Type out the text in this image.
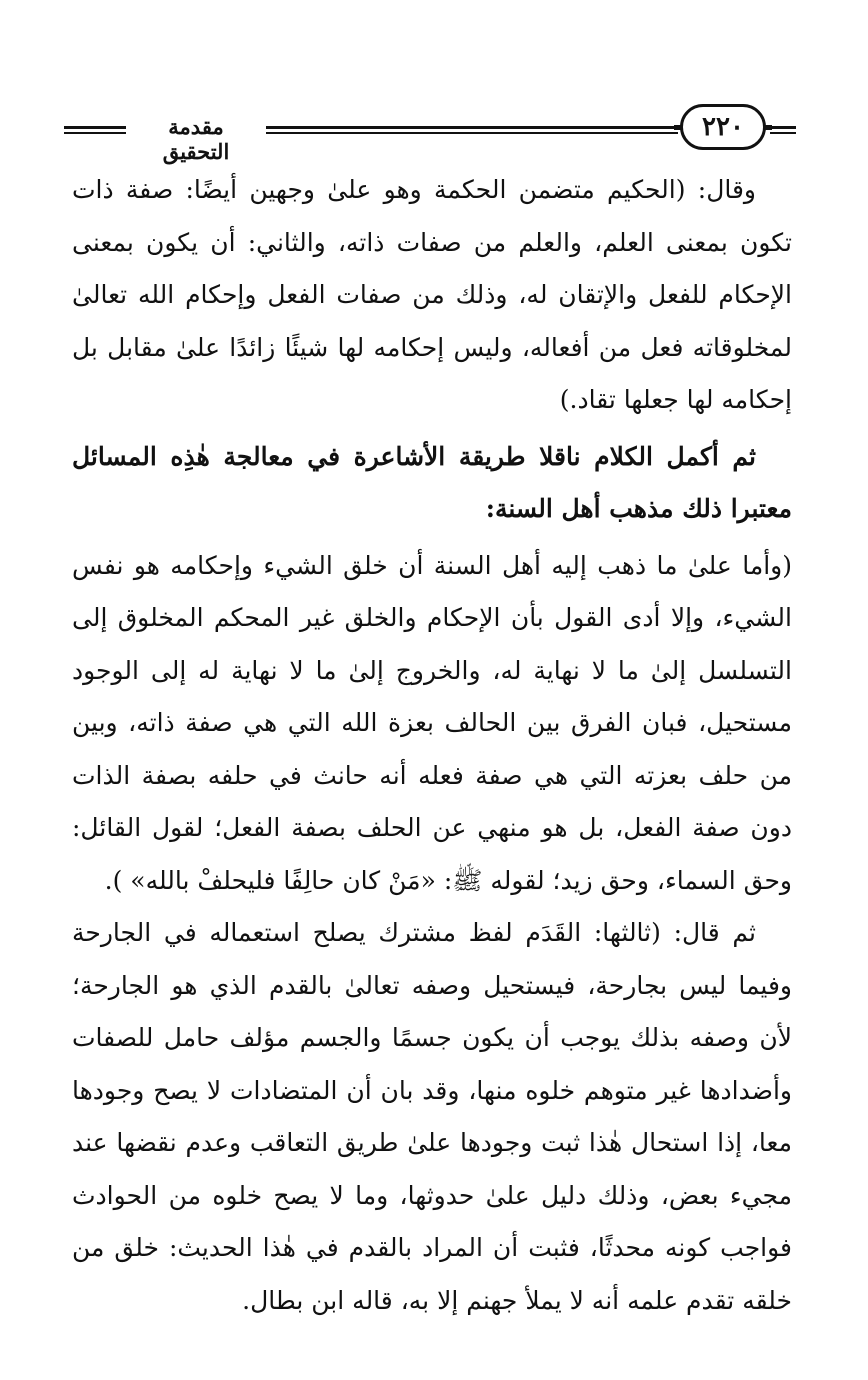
مقدمة التحقيق
٢٢٠

وقال: (الحكيم متضمن الحكمة وهو علىٰ وجهين أيضًا: صفة ذات تكون بمعنى العلم، والعلم من صفات ذاته، والثاني: أن يكون بمعنى الإحكام للفعل والإتقان له، وذلك من صفات الفعل وإحكام الله تعالىٰ لمخلوقاته فعل من أفعاله، وليس إحكامه لها شيئًا زائدًا علىٰ مقابل بل إحكامه لها جعلها تقاد.)

ثم أكمل الكلام ناقلا طريقة الأشاعرة في معالجة هٰذِه المسائل معتبرا ذلك مذهب أهل السنة:

(وأما علىٰ ما ذهب إليه أهل السنة أن خلق الشيء وإحكامه هو نفس الشيء، وإلا أدى القول بأن الإحكام والخلق غير المحكم المخلوق إلى التسلسل إلىٰ ما لا نهاية له، والخروج إلىٰ ما لا نهاية له إلى الوجود مستحيل، فبان الفرق بين الحالف بعزة الله التي هي صفة ذاته، وبين من حلف بعزته التي هي صفة فعله أنه حانث في حلفه بصفة الذات دون صفة الفعل، بل هو منهي عن الحلف بصفة الفعل؛ لقول القائل: وحق السماء، وحق زيد؛ لقوله ﷺ: «مَنْ كان حالِفًا فليحلفْ بالله» ).

ثم قال: (ثالثها: القَدَم لفظ مشترك يصلح استعماله في الجارحة وفيما ليس بجارحة، فيستحيل وصفه تعالىٰ بالقدم الذي هو الجارحة؛ لأن وصفه بذلك يوجب أن يكون جسمًا والجسم مؤلف حامل للصفات وأضدادها غير متوهم خلوه منها، وقد بان أن المتضادات لا يصح وجودها معا، إذا استحال هٰذا ثبت وجودها علىٰ طريق التعاقب وعدم نقضها عند مجيء بعض، وذلك دليل علىٰ حدوثها، وما لا يصح خلوه من الحوادث فواجب كونه محدثًا، فثبت أن المراد بالقدم في هٰذا الحديث: خلق من خلقه تقدم علمه أنه لا يملأ جهنم إلا به، قاله ابن بطال.
